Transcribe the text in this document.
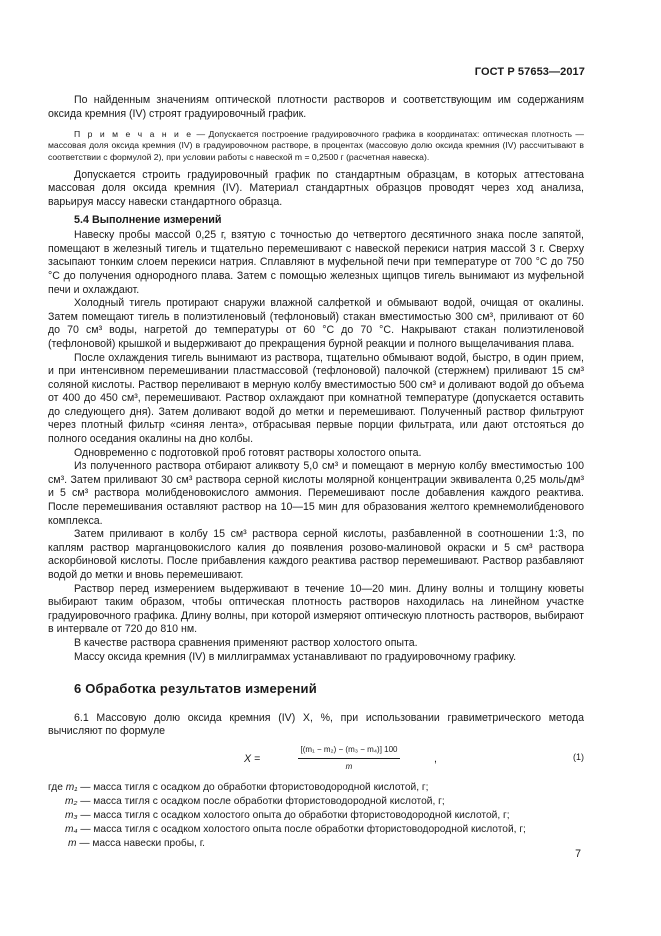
ГОСТ Р 57653—2017

По найденным значениям оптической плотности растворов и соответствующим им содержаниям оксида кремния (IV) строят градуировочный график.

П р и м е ч а н и е — Допускается построение градуировочного графика в координатах: оптическая плотность — массовая доля оксида кремния (IV) в градуировочном растворе, в процентах (массовую долю оксида кремния (IV) рассчитывают в соответствии с формулой 2), при условии работы с навеской m = 0,2500 г (расчетная навеска).

Допускается строить градуировочный график по стандартным образцам, в которых аттестована массовая доля оксида кремния (IV). Материал стандартных образцов проводят через ход анализа, варьируя массу навески стандартного образца.

5.4 Выполнение измерений

Навеску пробы массой 0,25 г, взятую с точностью до четвертого десятичного знака после запятой, помещают в железный тигель и тщательно перемешивают с навеской перекиси натрия массой 3 г. Сверху засыпают тонким слоем перекиси натрия. Сплавляют в муфельной печи при температуре от 700 °C до 750 °C до получения однородного плава. Затем с помощью железных щипцов тигель вынимают из муфельной печи и охлаждают.

Холодный тигель протирают снаружи влажной салфеткой и обмывают водой, очищая от окалины. Затем помещают тигель в полиэтиленовый (тефлоновый) стакан вместимостью 300 см³, приливают от 60 до 70 см³ воды, нагретой до температуры от 60 °C до 70 °C. Накрывают стакан полиэтиленовой (тефлоновой) крышкой и выдерживают до прекращения бурной реакции и полного выщелачивания плава.

После охлаждения тигель вынимают из раствора, тщательно обмывают водой, быстро, в один прием, и при интенсивном перемешивании пластмассовой (тефлоновой) палочкой (стержнем) приливают 15 см³ соляной кислоты. Раствор переливают в мерную колбу вместимостью 500 см³ и доливают водой до объема от 400 до 450 см³, перемешивают. Раствор охлаждают при комнатной температуре (допускается оставить до следующего дня). Затем доливают водой до метки и перемешивают. Полученный раствор фильтруют через плотный фильтр «синяя лента», отбрасывая первые порции фильтрата, или дают отстояться до полного оседания окалины на дно колбы.

Одновременно с подготовкой проб готовят растворы холостого опыта.

Из полученного раствора отбирают аликвоту 5,0 см³ и помещают в мерную колбу вместимостью 100 см³. Затем приливают 30 см³ раствора серной кислоты молярной концентрации эквивалента 0,25 моль/дм³ и 5 см³ раствора молибденовокислого аммония. Перемешивают после добавления каждого реактива. После перемешивания оставляют раствор на 10—15 мин для образования желтого кремнемолибденового комплекса.

Затем приливают в колбу 15 см³ раствора серной кислоты, разбавленной в соотношении 1:3, по каплям раствор марганцовокислого калия до появления розово-малиновой окраски и 5 см³ раствора аскорбиновой кислоты. После прибавления каждого реактива раствор перемешивают. Раствор разбавляют водой до метки и вновь перемешивают.

Раствор перед измерением выдерживают в течение 10—20 мин. Длину волны и толщину кюветы выбирают таким образом, чтобы оптическая плотность растворов находилась на линейном участке градуировочного графика. Длину волны, при которой измеряют оптическую плотность растворов, выбирают в интервале от 720 до 810 нм.

В качестве раствора сравнения применяют раствор холостого опыта.

Массу оксида кремния (IV) в миллиграммах устанавливают по градуировочному графику.

6 Обработка результатов измерений

6.1 Массовую долю оксида кремния (IV) X, %, при использовании гравиметрического метода вычисляют по формуле

$X = \frac{\text{[(m₁ − m₂) − (m₃ − m₄)] 100}}{m}$ ,	(1)
где m₁ — масса тигля с осадком до обработки фтористоводородной кислотой, г;
m₂ — масса тигля с осадком после обработки фтористоводородной кислотой, г;
m₃ — масса тигля с осадком холостого опыта до обработки фтористоводородной кислотой, г;
m₄ — масса тигля с осадком холостого опыта после обработки фтористоводородной кислотой, г;
m — масса навески пробы, г.
7
